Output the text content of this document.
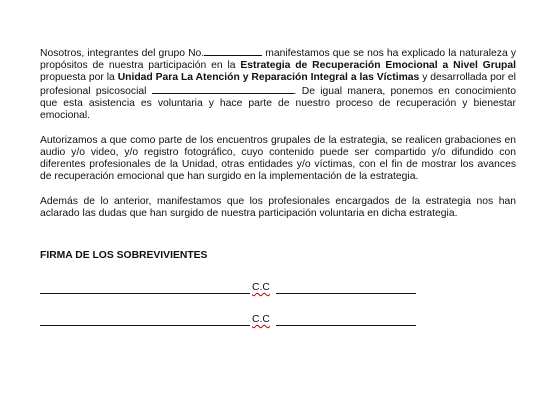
Nosotros, integrantes del grupo No.	manifestamos que se nos ha explicado la naturaleza y propósitos de nuestra participación en la Estrategia de Recuperación Emocional a Nivel Grupal propuesta por la Unidad Para La Atención y Reparación Integral a las Víctimas y desarrollada por el profesional psicosocial	. De igual manera, ponemos en conocimiento que esta asistencia es voluntaria y hace parte de nuestro proceso de recuperación y bienestar emocional.

Autorizamos a que como parte de los encuentros grupales de la estrategia, se realicen grabaciones en audio y/o video, y/o registro fotográfico, cuyo contenido puede ser compartido y/o difundido con diferentes profesionales de la Unidad, otras entidades y/o víctimas, con el fin de mostrar los avances de recuperación emocional que han surgido en la implementación de la estrategia.

Además de lo anterior, manifestamos que los profesionales encargados de la estrategia nos han aclarado las dudas que han surgido de nuestra participación voluntaria en dicha estrategia.

FIRMA DE LOS SOBREVIVIENTES
C.C
C.C
